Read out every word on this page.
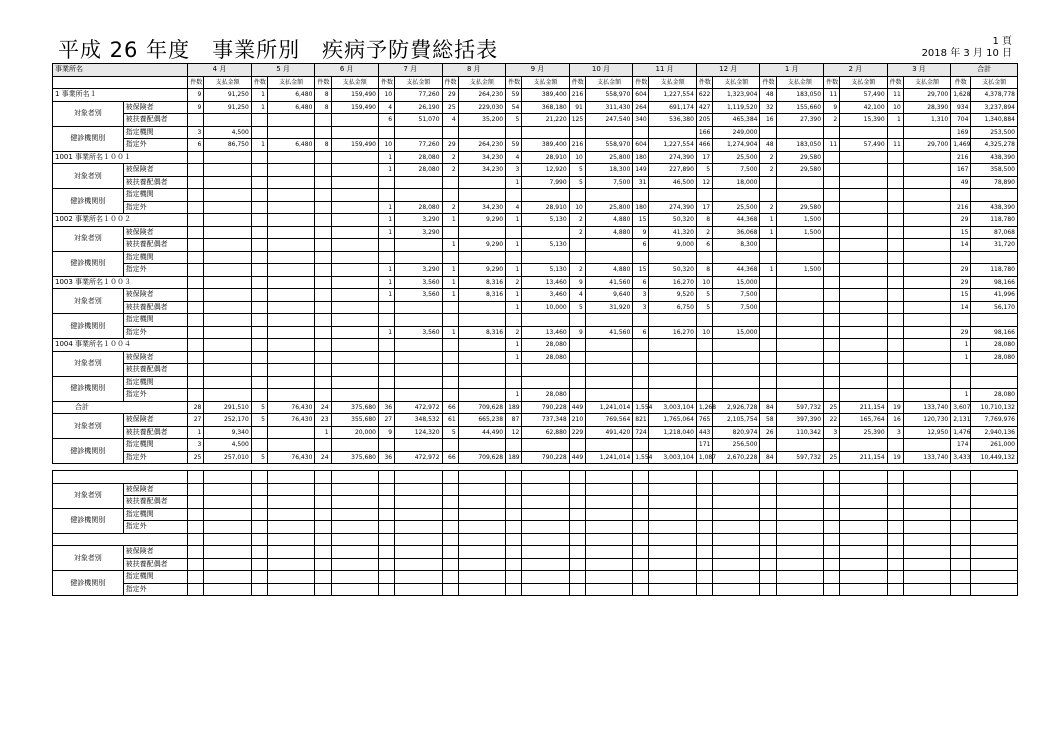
平成 26 年度　事業所別　疾病予防費総括表	1 頁
2018 年 3 月 10 日
事業所名		4 月		5 月		6 月		7 月		8 月		9 月		10 月		11 月		12 月		1 月		2 月		3 月		合計	
		件数	支払金額	件数	支払金額	件数	支払金額	件数	支払金額	件数	支払金額	件数	支払金額	件数	支払金額	件数	支払金額	件数	支払金額	件数	支払金額	件数	支払金額	件数	支払金額	件数	支払金額
1 事業所名１		9	91,250	1	6,480	8	159,490	10	77,260	29	264,230	59	389,400	216	558,970	604	1,227,554	622	1,323,904	48	183,050	11	57,490	11	29,700	1,628	4,378,778
対象者別	被保険者	9	91,250	1	6,480	8	159,490	4	26,190	25	229,030	54	368,180	91	311,430	264	691,174	427	1,119,520	32	155,660	9	42,100	10	28,390	934	3,237,894
	被扶養配偶者							6	51,070	4	35,200	5	21,220	125	247,540	340	536,380	205	465,384	16	27,390	2	15,390	1	1,310	704	1,340,884
健診機関別	指定機関	3	4,500															166	249,000							169	253,500
	指定外	6	86,750	1	6,480	8	159,490	10	77,260	29	264,230	59	389,400	216	558,970	604	1,227,554	466	1,274,904	48	183,050	11	57,490	11	29,700	1,469	4,325,278
1001 事業所名１００１								1	28,080	2	34,230	4	28,910	10	25,800	180	274,390	17	25,500	2	29,580					216	438,390
対象者別	被保険者							1	28,080	2	34,230	3	12,920	5	18,300	149	227,890	5	7,500	2	29,580					167	358,500
	被扶養配偶者											1	7,990	5	7,500	31	46,500	12	18,000							49	78,890
健診機関別	指定機関																										
	指定外							1	28,080	2	34,230	4	28,910	10	25,800	180	274,390	17	25,500	2	29,580					216	438,390
1002 事業所名１００２								1	3,290	1	9,290	1	5,130	2	4,880	15	50,320	8	44,368	1	1,500					29	118,780
対象者別	被保険者							1	3,290					2	4,880	9	41,320	2	36,068	1	1,500					15	87,068
	被扶養配偶者									1	9,290	1	5,130			6	9,000	6	8,300							14	31,720
健診機関別	指定機関																										
	指定外							1	3,290	1	9,290	1	5,130	2	4,880	15	50,320	8	44,368	1	1,500					29	118,780
1003 事業所名１００３								1	3,560	1	8,316	2	13,460	9	41,560	6	16,270	10	15,000							29	98,166
対象者別	被保険者							1	3,560	1	8,316	1	3,460	4	9,640	3	9,520	5	7,500							15	41,996
	被扶養配偶者											1	10,000	5	31,920	3	6,750	5	7,500							14	56,170
健診機関別	指定機関																										
	指定外							1	3,560	1	8,316	2	13,460	9	41,560	6	16,270	10	15,000							29	98,166
1004 事業所名１００４												1	28,080													1	28,080
対象者別	被保険者											1	28,080													1	28,080
	被扶養配偶者																										
健診機関別	指定機関																										
	指定外											1	28,080													1	28,080
合計		28	291,510	5	76,430	24	375,680	36	472,972	66	709,628	189	790,228	449	1,241,014	1,554	3,003,104	1,268	2,926,728	84	597,732	25	211,154	19	133,740	3,607	10,710,132
対象者別	被保険者	27	252,170	5	76,430	23	355,680	27	348,532	61	665,238	87	737,348	210	769,564	821	1,765,064	765	2,105,754	58	397,390	22	165,764	16	120,730	2,131	7,769,976
	被扶養配偶者	1	9,340			1	20,000	9	124,320	5	44,490	12	62,880	229	491,420	724	1,218,040	443	820,974	26	110,342	3	25,390	3	12,950	1,476	2,940,136
健診機関別	指定機関	3	4,500															171	256,500							174	261,000
	指定外	25	257,010	5	76,430	24	375,680	36	472,972	66	709,628	189	790,228	449	1,241,014	1,554	3,003,104	1,087	2,670,228	84	597,732	25	211,154	19	133,740	3,433	10,449,132

対象者別	被保険者																										
	被扶養配偶者																										
健診機関別	指定機関																										
	指定外																										

対象者別	被保険者																										
	被扶養配偶者																										
健診機関別	指定機関																										
	指定外																										
